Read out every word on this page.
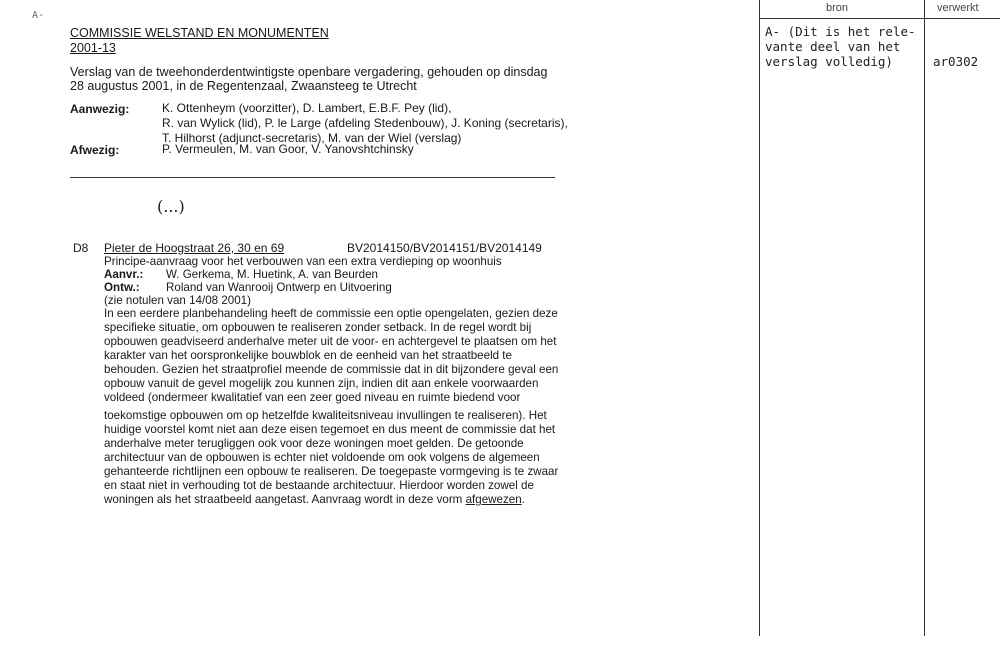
A-
COMMISSIE WELSTAND EN MONUMENTEN
2001-13
Verslag van de tweehonderdentwintigste openbare vergadering, gehouden op dinsdag
28 augustus 2001, in de Regentenzaal, Zwaansteeg te Utrecht
Aanwezig:	K. Ottenheym (voorzitter), D. Lambert, E.B.F. Pey (lid),
R. van Wylick (lid), P. le Large (afdeling Stedenbouw), J. Koning (secretaris),
T. Hilhorst (adjunct-secretaris), M. van der Wiel (verslag)
Afwezig:	P. Vermeulen, M. van Goor, V. Yanovshtchinsky
(...)
D8 Pieter de Hoogstraat 26, 30 en 69	BV2014150/BV2014151/BV2014149
Principe-aanvraag voor het verbouwen van een extra verdieping op woonhuis
Aanvr.: W. Gerkema, M. Huetink, A. van Beurden
Ontw.: Roland van Wanrooij Ontwerp en Uitvoering
(zie notulen van 14/08 2001)
In een eerdere planbehandeling heeft de commissie een optie opengelaten, gezien deze
specifieke situatie, om opbouwen te realiseren zonder setback. In de regel wordt bij
opbouwen geadviseerd anderhalve meter uit de voor- en achtergevel te plaatsen om het
karakter van het oorspronkelijke bouwblok en de eenheid van het straatbeeld te
behouden. Gezien het straatprofiel meende de commissie dat in dit bijzondere geval een
opbouw vanuit de gevel mogelijk zou kunnen zijn, indien dit aan enkele voorwaarden
voldeed (ondermeer kwalitatief van een zeer goed niveau en ruimte biedend voor
toekomstige opbouwen om op hetzelfde kwaliteitsniveau invullingen te realiseren). Het
huidige voorstel komt niet aan deze eisen tegemoet en dus meent de commissie dat het
anderhalve meter terugliggen ook voor deze woningen moet gelden. De getoonde
architectuur van de opbouwen is echter niet voldoende om ook volgens de algemeen
gehanteerde richtlijnen een opbouw te realiseren. De toegepaste vormgeving is te zwaar
en staat niet in verhouding tot de bestaande architectuur. Hierdoor worden zowel de
woningen als het straatbeeld aangetast. Aanvraag wordt in deze vorm afgewezen.
bron	verwerkt
A- (Dit is het rele-
vante deel van het
verslag volledig)	ar0302
